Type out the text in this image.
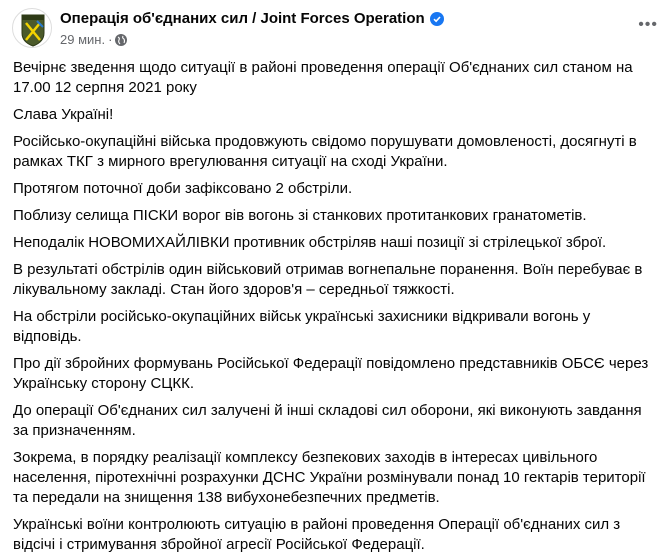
Операція об'єднаних сил / Joint Forces Operation
29 мин. ·
•••

Вечірнє зведення щодо ситуації в районі проведення операції Об'єднаних сил станом на 17.00 12 серпня 2021 року

Слава Україні!

Російсько-окупаційні війська продовжують свідомо порушувати домовленості, досягнуті в рамках ТКГ з мирного врегулювання ситуації на сході України.

Протягом поточної доби зафіксовано 2 обстріли.

Поблизу селища ПІСКИ ворог вів вогонь зі станкових протитанкових гранатометів.

Неподалік НОВОМИХАЙЛІВКИ противник обстріляв наші позиції зі стрілецької зброї.

В результаті обстрілів один військовий отримав вогнепальне поранення. Воїн перебуває в лікувальному закладі. Стан його здоров'я – середньої тяжкості.

На обстріли російсько-окупаційних військ українські захисники відкривали вогонь у відповідь.

Про дії збройних формувань Російської Федерації повідомлено представників ОБСЄ через Українську сторону СЦКК.

До операції Об'єднаних сил залучені й інші складові сил оборони, які виконують завдання за призначенням.

Зокрема, в порядку реалізації комплексу безпекових заходів в інтересах цивільного населення, піротехнічні розрахунки ДСНС України розмінували понад 10 гектарів території та передали на знищення 138 вибухонебезпечних предметів.

Українські воїни контролюють ситуацію в районі проведення Операції об'єднаних сил з відсічі і стримування збройної агресії Російської Федерації.
